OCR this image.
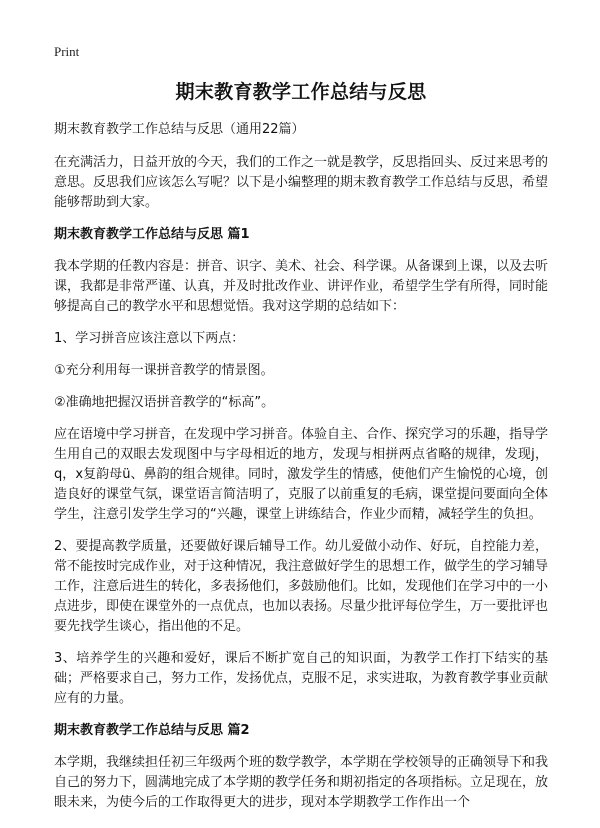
Print
期末教育教学工作总结与反思

期末教育教学工作总结与反思（通用22篇）

在充满活力，日益开放的今天，我们的工作之一就是教学，反思指回头、反过来思考的意思。反思我们应该怎么写呢？以下是小编整理的期末教育教学工作总结与反思，希望能够帮助到大家。

期末教育教学工作总结与反思 篇1

我本学期的任教内容是：拼音、识字、美术、社会、科学课。从备课到上课，以及去听课，我都是非常严谨、认真，并及时批改作业、讲评作业，希望学生学有所得，同时能够提高自己的教学水平和思想觉悟。我对这学期的总结如下：

1、学习拼音应该注意以下两点：

①充分利用每一课拼音教学的情景图。

②准确地把握汉语拼音教学的“标高”。

应在语境中学习拼音，在发现中学习拼音。体验自主、合作、探究学习的乐趣，指导学生用自己的双眼去发现图中与字母相近的地方，发现与相拼两点省略的规律，发现j，q，x复韵母ü、鼻韵的组合规律。同时，激发学生的情感，使他们产生愉悦的心境，创造良好的课堂气氛，课堂语言简洁明了，克服了以前重复的毛病，课堂提问要面向全体学生，注意引发学生学习的“兴趣，课堂上讲练结合，作业少而精，减轻学生的负担。

2、要提高教学质量，还要做好课后辅导工作。幼儿爱做小动作、好玩，自控能力差，常不能按时完成作业，对于这种情况，我注意做好学生的思想工作，做学生的学习辅导工作，注意后进生的转化，多表扬他们，多鼓励他们。比如，发现他们在学习中的一小点进步，即使在课堂外的一点优点，也加以表扬。尽量少批评每位学生，万一要批评也要先找学生谈心，指出他的不足。

3、培养学生的兴趣和爱好，课后不断扩宽自己的知识面，为教学工作打下结实的基础；严格要求自己，努力工作，发扬优点，克服不足，求实进取，为教育教学事业贡献应有的力量。

期末教育教学工作总结与反思 篇2

本学期，我继续担任初三年级两个班的数学教学，本学期在学校领导的正确领导下和我自己的努力下，圆满地完成了本学期的教学任务和期初指定的各项指标。立足现在，放眼未来，为使今后的工作取得更大的进步，现对本学期教学工作作出一个
